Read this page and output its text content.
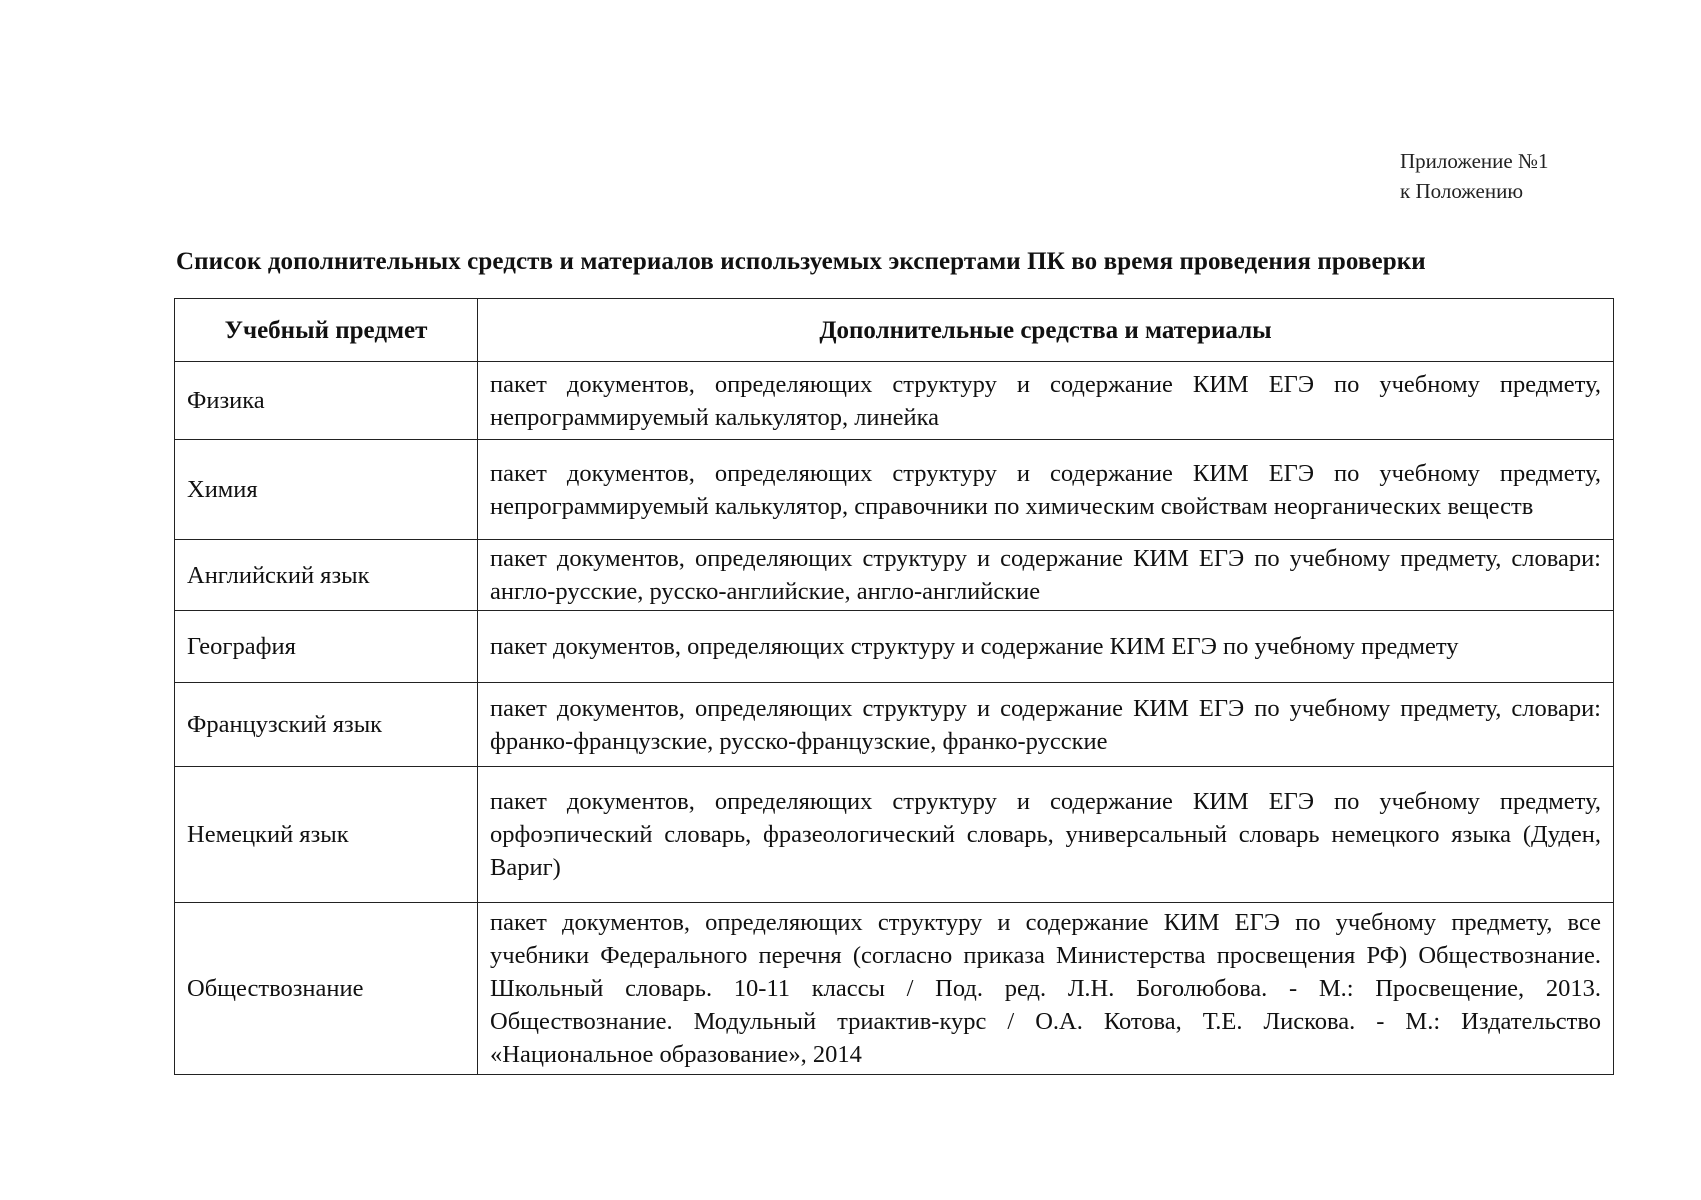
Приложение №1
к Положению
Список дополнительных средств и материалов используемых экспертами ПК во время проведения проверки
Учебный предмет	Дополнительные средства и материалы
Физика	пакет документов, определяющих структуру и содержание КИМ ЕГЭ по учебному предмету, непрограммируемый калькулятор, линейка
Химия	пакет документов, определяющих структуру и содержание КИМ ЕГЭ по учебному предмету, непрограммируемый калькулятор, справочники по химическим свойствам неорганических веществ
Английский язык	пакет документов, определяющих структуру и содержание КИМ ЕГЭ по учебному предмету, словари: англо-русские, русско-английские, англо-английские
География	пакет документов, определяющих структуру и содержание КИМ ЕГЭ по учебному предмету
Французский язык	пакет документов, определяющих структуру и содержание КИМ ЕГЭ по учебному предмету, словари: франко-французские, русско-французские, франко-русские
Немецкий язык	пакет документов, определяющих структуру и содержание КИМ ЕГЭ по учебному предмету, орфоэпический словарь, фразеологический словарь, универсальный словарь немецкого языка (Дуден, Вариг)
Обществознание	пакет документов, определяющих структуру и содержание КИМ ЕГЭ по учебному предмету, все учебники Федерального перечня (согласно приказа Министерства просвещения РФ) Обществознание. Школьный словарь. 10-11 классы / Под. ред. Л.Н. Боголюбова. - М.: Просвещение, 2013. Обществознание. Модульный триактив-курс / О.А. Котова, Т.Е. Лискова. - М.: Издательство «Национальное образование», 2014
